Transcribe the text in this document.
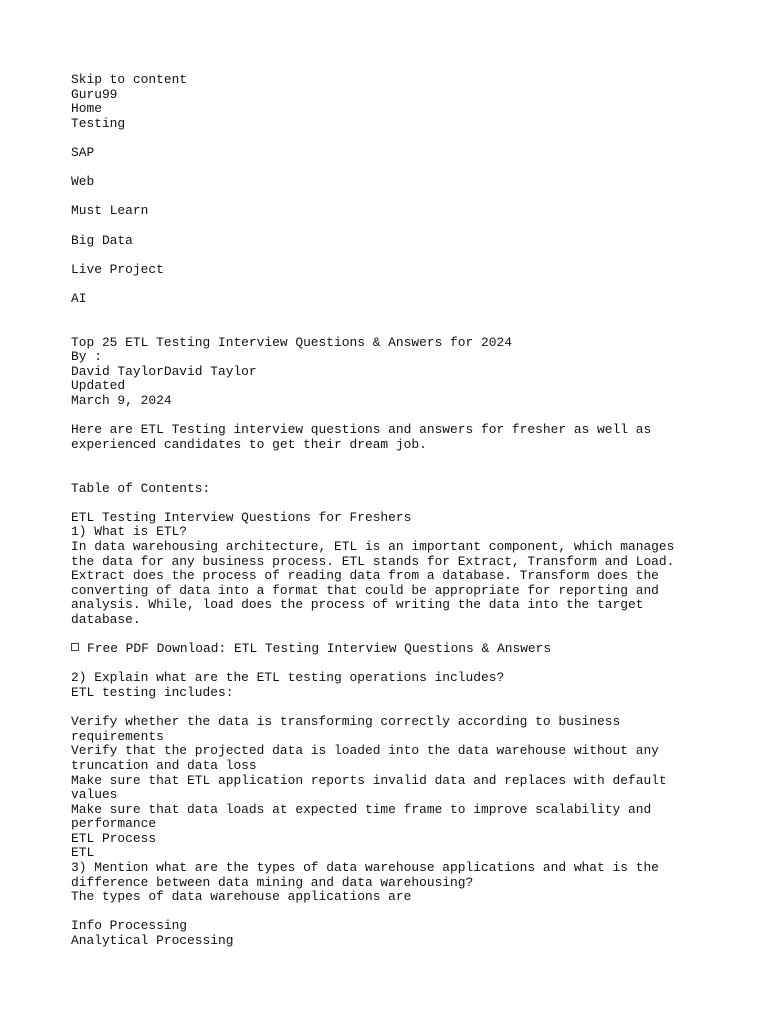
Skip to content
Guru99
Home
Testing
SAP
Web
Must Learn
Big Data
Live Project
AI
Top 25 ETL Testing Interview Questions & Answers for 2024
By :
David TaylorDavid Taylor
Updated
March 9, 2024

Here are ETL Testing interview questions and answers for fresher as well as experienced candidates to get their dream job.

Table of Contents:
ETL Testing Interview Questions for Freshers
1) What is ETL?

In data warehousing architecture, ETL is an important component, which manages the data for any business process. ETL stands for Extract, Transform and Load. Extract does the process of reading data from a database. Transform does the converting of data into a format that could be appropriate for reporting and analysis. While, load does the process of writing the data into the target database.

Free PDF Download: ETL Testing Interview Questions & Answers
2) Explain what are the ETL testing operations includes?
ETL testing includes:
Verify whether the data is transforming correctly according to business requirements
Verify that the projected data is loaded into the data warehouse without any truncation and data loss
Make sure that ETL application reports invalid data and replaces with default values
Make sure that data loads at expected time frame to improve scalability and performance
ETL Process
ETL
3) Mention what are the types of data warehouse applications and what is the difference between data mining and data warehousing?
The types of data warehouse applications are
Info Processing
Analytical Processing
